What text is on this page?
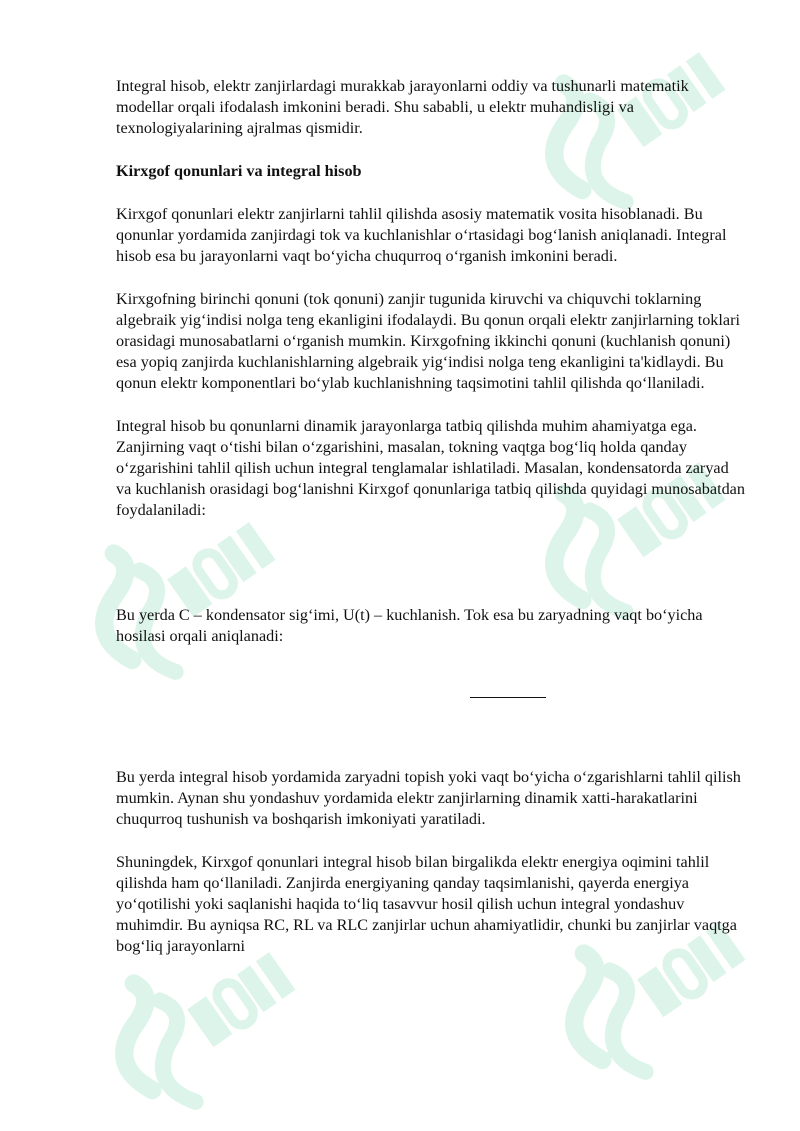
Integral hisob, elektr zanjirlardagi murakkab jarayonlarni oddiy va tushunarli matematik modellar orqali ifodalash imkonini beradi. Shu sababli, u elektr muhandisligi va texnologiyalarining ajralmas qismidir.

Kirxgof qonunlari va integral hisob

Kirxgof qonunlari elektr zanjirlarni tahlil qilishda asosiy matematik vosita hisoblanadi. Bu qonunlar yordamida zanjirdagi tok va kuchlanishlar o‘rtasidagi bog‘lanish aniqlanadi. Integral hisob esa bu jarayonlarni vaqt bo‘yicha chuqurroq o‘rganish imkonini beradi.

Kirxgofning birinchi qonuni (tok qonuni) zanjir tugunida kiruvchi va chiquvchi toklarning algebraik yig‘indisi nolga teng ekanligini ifodalaydi. Bu qonun orqali elektr zanjirlarning toklari orasidagi munosabatlarni o‘rganish mumkin. Kirxgofning ikkinchi qonuni (kuchlanish qonuni) esa yopiq zanjirda kuchlanishlarning algebraik yig‘indisi nolga teng ekanligini ta'kidlaydi. Bu qonun elektr komponentlari bo‘ylab kuchlanishning taqsimotini tahlil qilishda qo‘llaniladi.

Integral hisob bu qonunlarni dinamik jarayonlarga tatbiq qilishda muhim ahamiyatga ega. Zanjirning vaqt o‘tishi bilan o‘zgarishini, masalan, tokning vaqtga bog‘liq holda qanday o‘zgarishini tahlil qilish uchun integral tenglamalar ishlatiladi. Masalan, kondensatorda zaryad va kuchlanish orasidagi bog‘lanishni Kirxgof qonunlariga tatbiq qilishda quyidagi munosabatdan foydalaniladi:

Bu yerda C – kondensator sig‘imi, U(t) – kuchlanish. Tok esa bu zaryadning vaqt bo‘yicha hosilasi orqali aniqlanadi:

Bu yerda integral hisob yordamida zaryadni topish yoki vaqt bo‘yicha o‘zgarishlarni tahlil qilish mumkin. Aynan shu yondashuv yordamida elektr zanjirlarning dinamik xatti-harakatlarini chuqurroq tushunish va boshqarish imkoniyati yaratiladi.

Shuningdek, Kirxgof qonunlari integral hisob bilan birgalikda elektr energiya oqimini tahlil qilishda ham qo‘llaniladi. Zanjirda energiyaning qanday taqsimlanishi, qayerda energiya yo‘qotilishi yoki saqlanishi haqida to‘liq tasavvur hosil qilish uchun integral yondashuv muhimdir. Bu ayniqsa RC, RL va RLC zanjirlar uchun ahamiyatlidir, chunki bu zanjirlar vaqtga bog‘liq jarayonlarni
